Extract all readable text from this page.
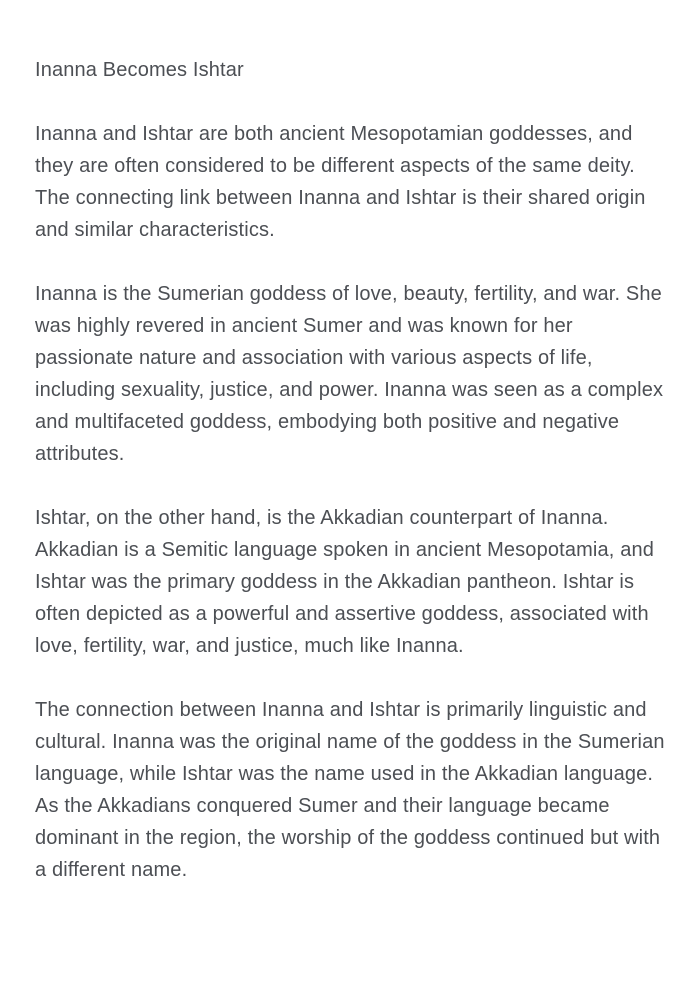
Inanna Becomes Ishtar

Inanna and Ishtar are both ancient Mesopotamian goddesses, and they are often considered to be different aspects of the same deity. The connecting link between Inanna and Ishtar is their shared origin and similar characteristics.

Inanna is the Sumerian goddess of love, beauty, fertility, and war. She was highly revered in ancient Sumer and was known for her passionate nature and association with various aspects of life, including sexuality, justice, and power. Inanna was seen as a complex and multifaceted goddess, embodying both positive and negative attributes.

Ishtar, on the other hand, is the Akkadian counterpart of Inanna. Akkadian is a Semitic language spoken in ancient Mesopotamia, and Ishtar was the primary goddess in the Akkadian pantheon. Ishtar is often depicted as a powerful and assertive goddess, associated with love, fertility, war, and justice, much like Inanna.

The connection between Inanna and Ishtar is primarily linguistic and cultural. Inanna was the original name of the goddess in the Sumerian language, while Ishtar was the name used in the Akkadian language. As the Akkadians conquered Sumer and their language became dominant in the region, the worship of the goddess continued but with a different name.
